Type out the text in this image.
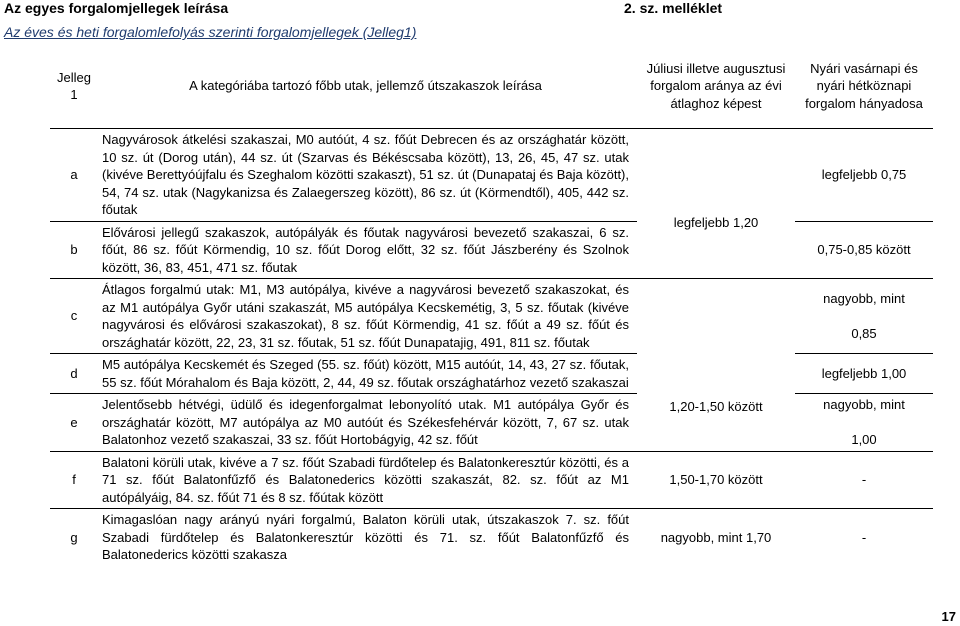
Az egyes forgalomjellegek leírása	2. sz. melléklet
Az éves és heti forgalomlefolyás szerinti forgalomjellegek (Jelleg1)
Jelleg
1	A kategóriába tartozó főbb utak, jellemző útszakaszok leírása	Júliusi illetve augusztusi forgalom aránya az évi átlaghoz képest	Nyári vasárnapi és nyári hétköznapi forgalom hányadosa
a	Nagyvárosok átkelési szakaszai, M0 autóút, 4 sz. főút Debrecen és az országhatár között, 10 sz. út (Dorog után), 44 sz. út (Szarvas és Békéscsaba között), 13, 26, 45, 47 sz. utak (kivéve Berettyóújfalu és Szeghalom közötti szakaszt), 51 sz. út (Dunapataj és Baja között), 54, 74 sz. utak (Nagykanizsa és Zalaegerszeg között), 86 sz. út (Körmendtől), 405, 442 sz. főutak	legfeljebb 1,20	legfeljebb 0,75
b	Elővárosi jellegű szakaszok, autópályák és főutak nagyvárosi bevezető szakaszai, 6 sz. főút, 86 sz. főút Körmendig, 10 sz. főút Dorog előtt, 32 sz. főút Jászberény és Szolnok között, 36, 83, 451, 471 sz. főutak		0,75-0,85 között
c	Átlagos forgalmú utak: M1, M3 autópálya, kivéve a nagyvárosi bevezető szakaszokat, és az M1 autópálya Győr utáni szakaszát, M5 autópálya Kecskemétig, 3, 5 sz. főutak (kivéve nagyvárosi és elővárosi szakaszokat), 8 sz. főút Körmendig, 41 sz. főút a 49 sz. főút és országhatár között, 22, 23, 31 sz. főutak, 51 sz. főút Dunapatajig, 491, 811 sz. főutak	1,20-1,50 között	nagyobb, mint

0,85
d	M5 autópálya Kecskemét és Szeged (55. sz. főút) között, M15 autóút, 14, 43, 27 sz. főutak, 55 sz. főút Mórahalom és Baja között, 2, 44, 49 sz. főutak országhatárhoz vezető szakaszai		legfeljebb 1,00
e	Jelentősebb hétvégi, üdülő és idegenforgalmat lebonyolító utak. M1 autópálya Győr és országhatár között, M7 autópálya az M0 autóút és Székesfehérvár között, 7, 67 sz. utak Balatonhoz vezető szakaszai, 33 sz. főút Hortobágyig, 42 sz. főút		nagyobb, mint

1,00
f	Balatoni körüli utak, kivéve a 7 sz. főút Szabadi fürdőtelep és Balatonkeresztúr közötti, és a 71 sz. főút Balatonfűzfő és Balatonederics közötti szakaszát, 82. sz. főút az M1 autópályáig, 84. sz. főút 71 és 8 sz. főútak között	1,50-1,70 között	-
g	Kimagaslóan nagy arányú nyári forgalmú, Balaton körüli utak, útszakaszok 7. sz. főút Szabadi fürdőtelep és Balatonkeresztúr közötti és 71. sz. főút Balatonfűzfő és Balatonederics közötti szakasza	nagyobb, mint 1,70	-
17
